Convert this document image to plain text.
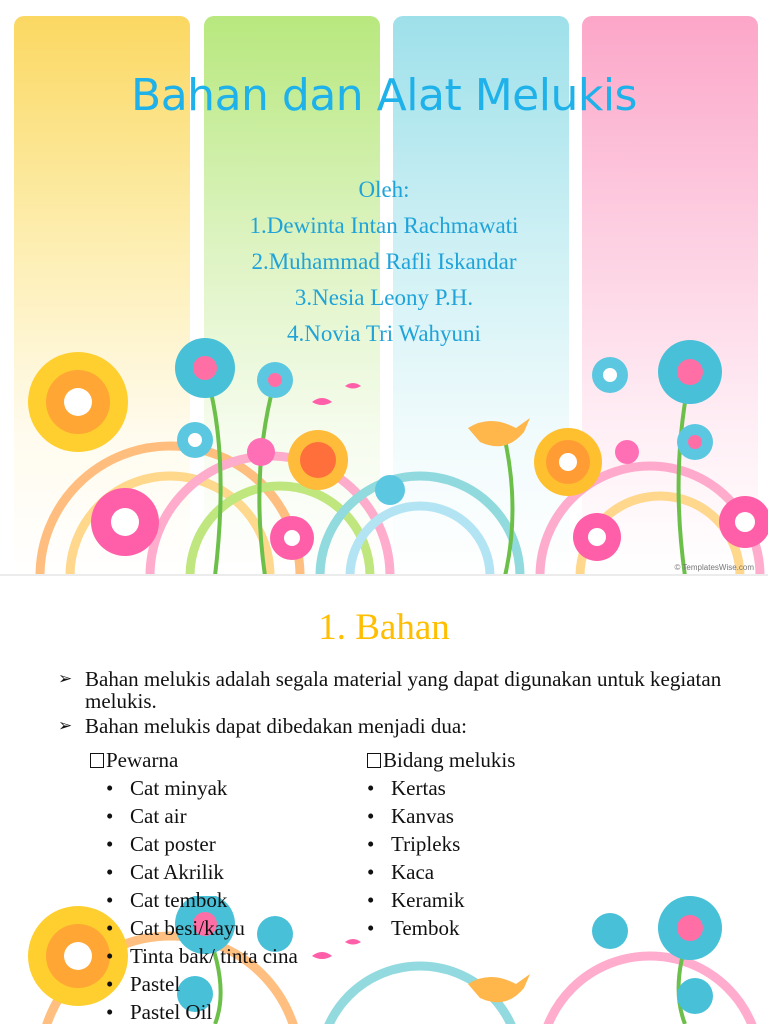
Bahan dan Alat Melukis
Oleh:
1.Dewinta Intan Rachmawati
2.Muhammad Rafli Iskandar
3.Nesia Leony P.H.
4.Novia Tri Wahyuni
© TemplatesWise.com
1. Bahan
➢ Bahan melukis adalah segala material yang dapat digunakan untuk kegiatan melukis.
➢ Bahan melukis dapat dibedakan menjadi dua:
Pewarna
• Cat minyak
• Cat air
• Cat poster
• Cat Akrilik
• Cat tembok
• Cat besi/kayu
• Tinta bak/ tinta cina
• Pastel
• Pastel Oil
Bidang melukis
• Kertas
• Kanvas
• Tripleks
• Kaca
• Keramik
• Tembok
